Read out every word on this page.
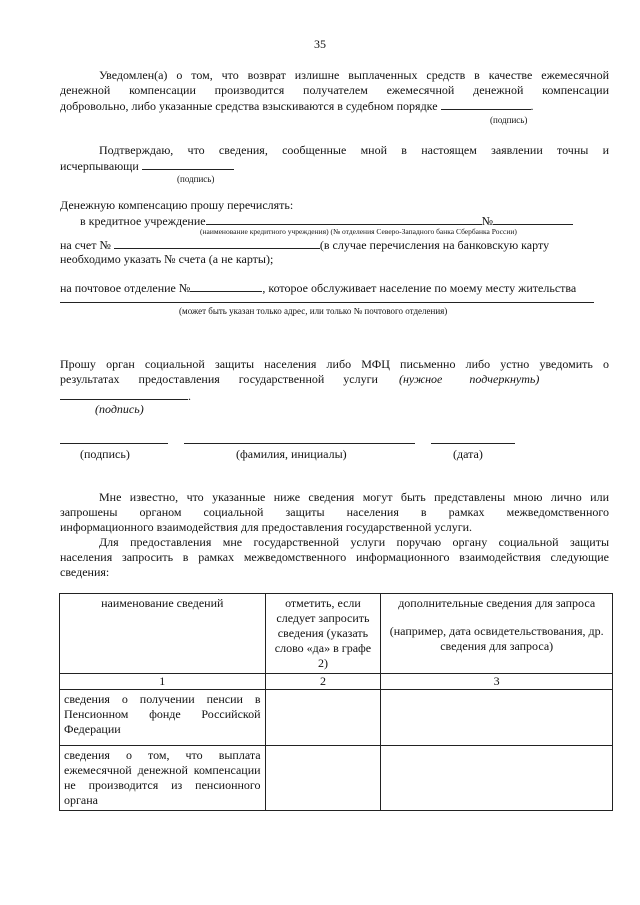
35

Уведомлен(а) о том, что возврат излишне выплаченных средств в качестве ежемесячной

денежной компенсации производится получателем ежемесячной денежной компенсации

добровольно, либо указанные средства взыскиваются в судебном порядке	.

(подпись)

Подтверждаю, что сведения, сообщенные мной в настоящем заявлении точны и

исчерпывающи

(подпись)

Денежную компенсацию прошу перечислять:

в кредитное учреждение	№

(наименование кредитного учреждения) (№ отделения Северо-Западного банка Сбербанка России)

на счет №	(в случае перечисления на банковскую карту

необходимо указать № счета (а не карты);

на почтовое отделение №	, которое обслуживает население по моему месту жительства

(может быть указан только адрес, или только № почтового отделения)

Прошу орган социальной защиты населения либо МФЦ письменно либо устно уведомить о

результатах предоставления государственной услуги (нужное подчеркнуть)

.
(подпись)
(подпись)	(фамилия, инициалы)	(дата)

Мне известно, что указанные ниже сведения могут быть представлены мною лично или

запрошены органом социальной защиты населения в рамках межведомственного

информационного взаимодействия для предоставления государственной услуги.

Для предоставления мне государственной услуги поручаю органу социальной защиты

населения запросить в рамках межведомственного информационного взаимодействия следующие

сведения:

наименование сведений	отметить, если следует запросить сведения (указать слово «да» в графе 2)	дополнительные сведения для запроса
(например, дата освидетельствования, др. сведения для запроса)

1	2	3
сведения о получении пенсии в Пенсионном фонде Российской Федерации		
сведения о том, что выплата ежемесячной денежной компенсации не производится из пенсионного органа		
